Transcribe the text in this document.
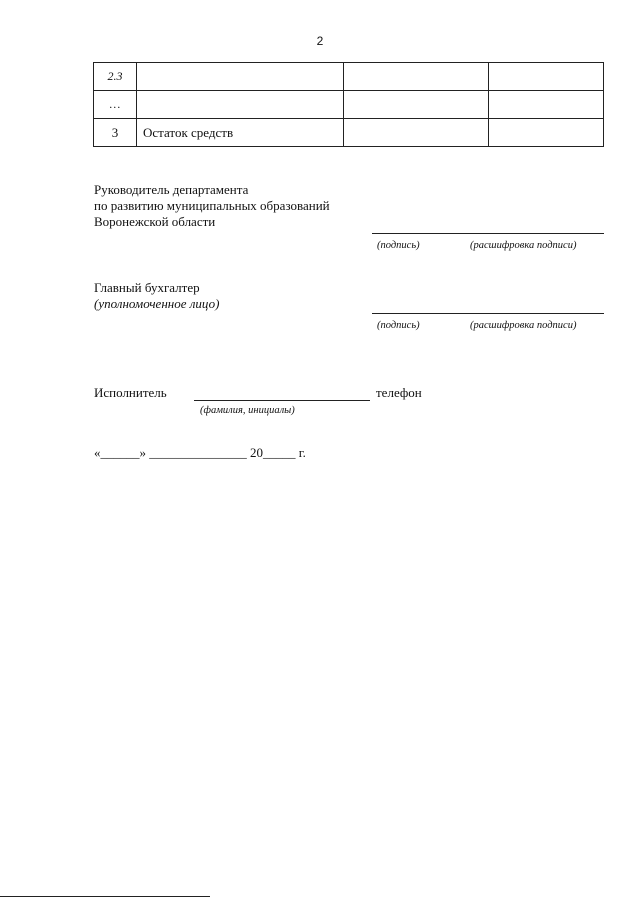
2
2.3			
…			
3	Остаток средств		
Руководитель департамента
по развитию муниципальных образований
Воронежской области
(подпись)	(расшифровка подписи)
Главный бухгалтер
(уполномоченное лицо)
(подпись)	(расшифровка подписи)
Исполнитель	телефон
(фамилия, инициалы)
«______» _______________ 20_____ г.
